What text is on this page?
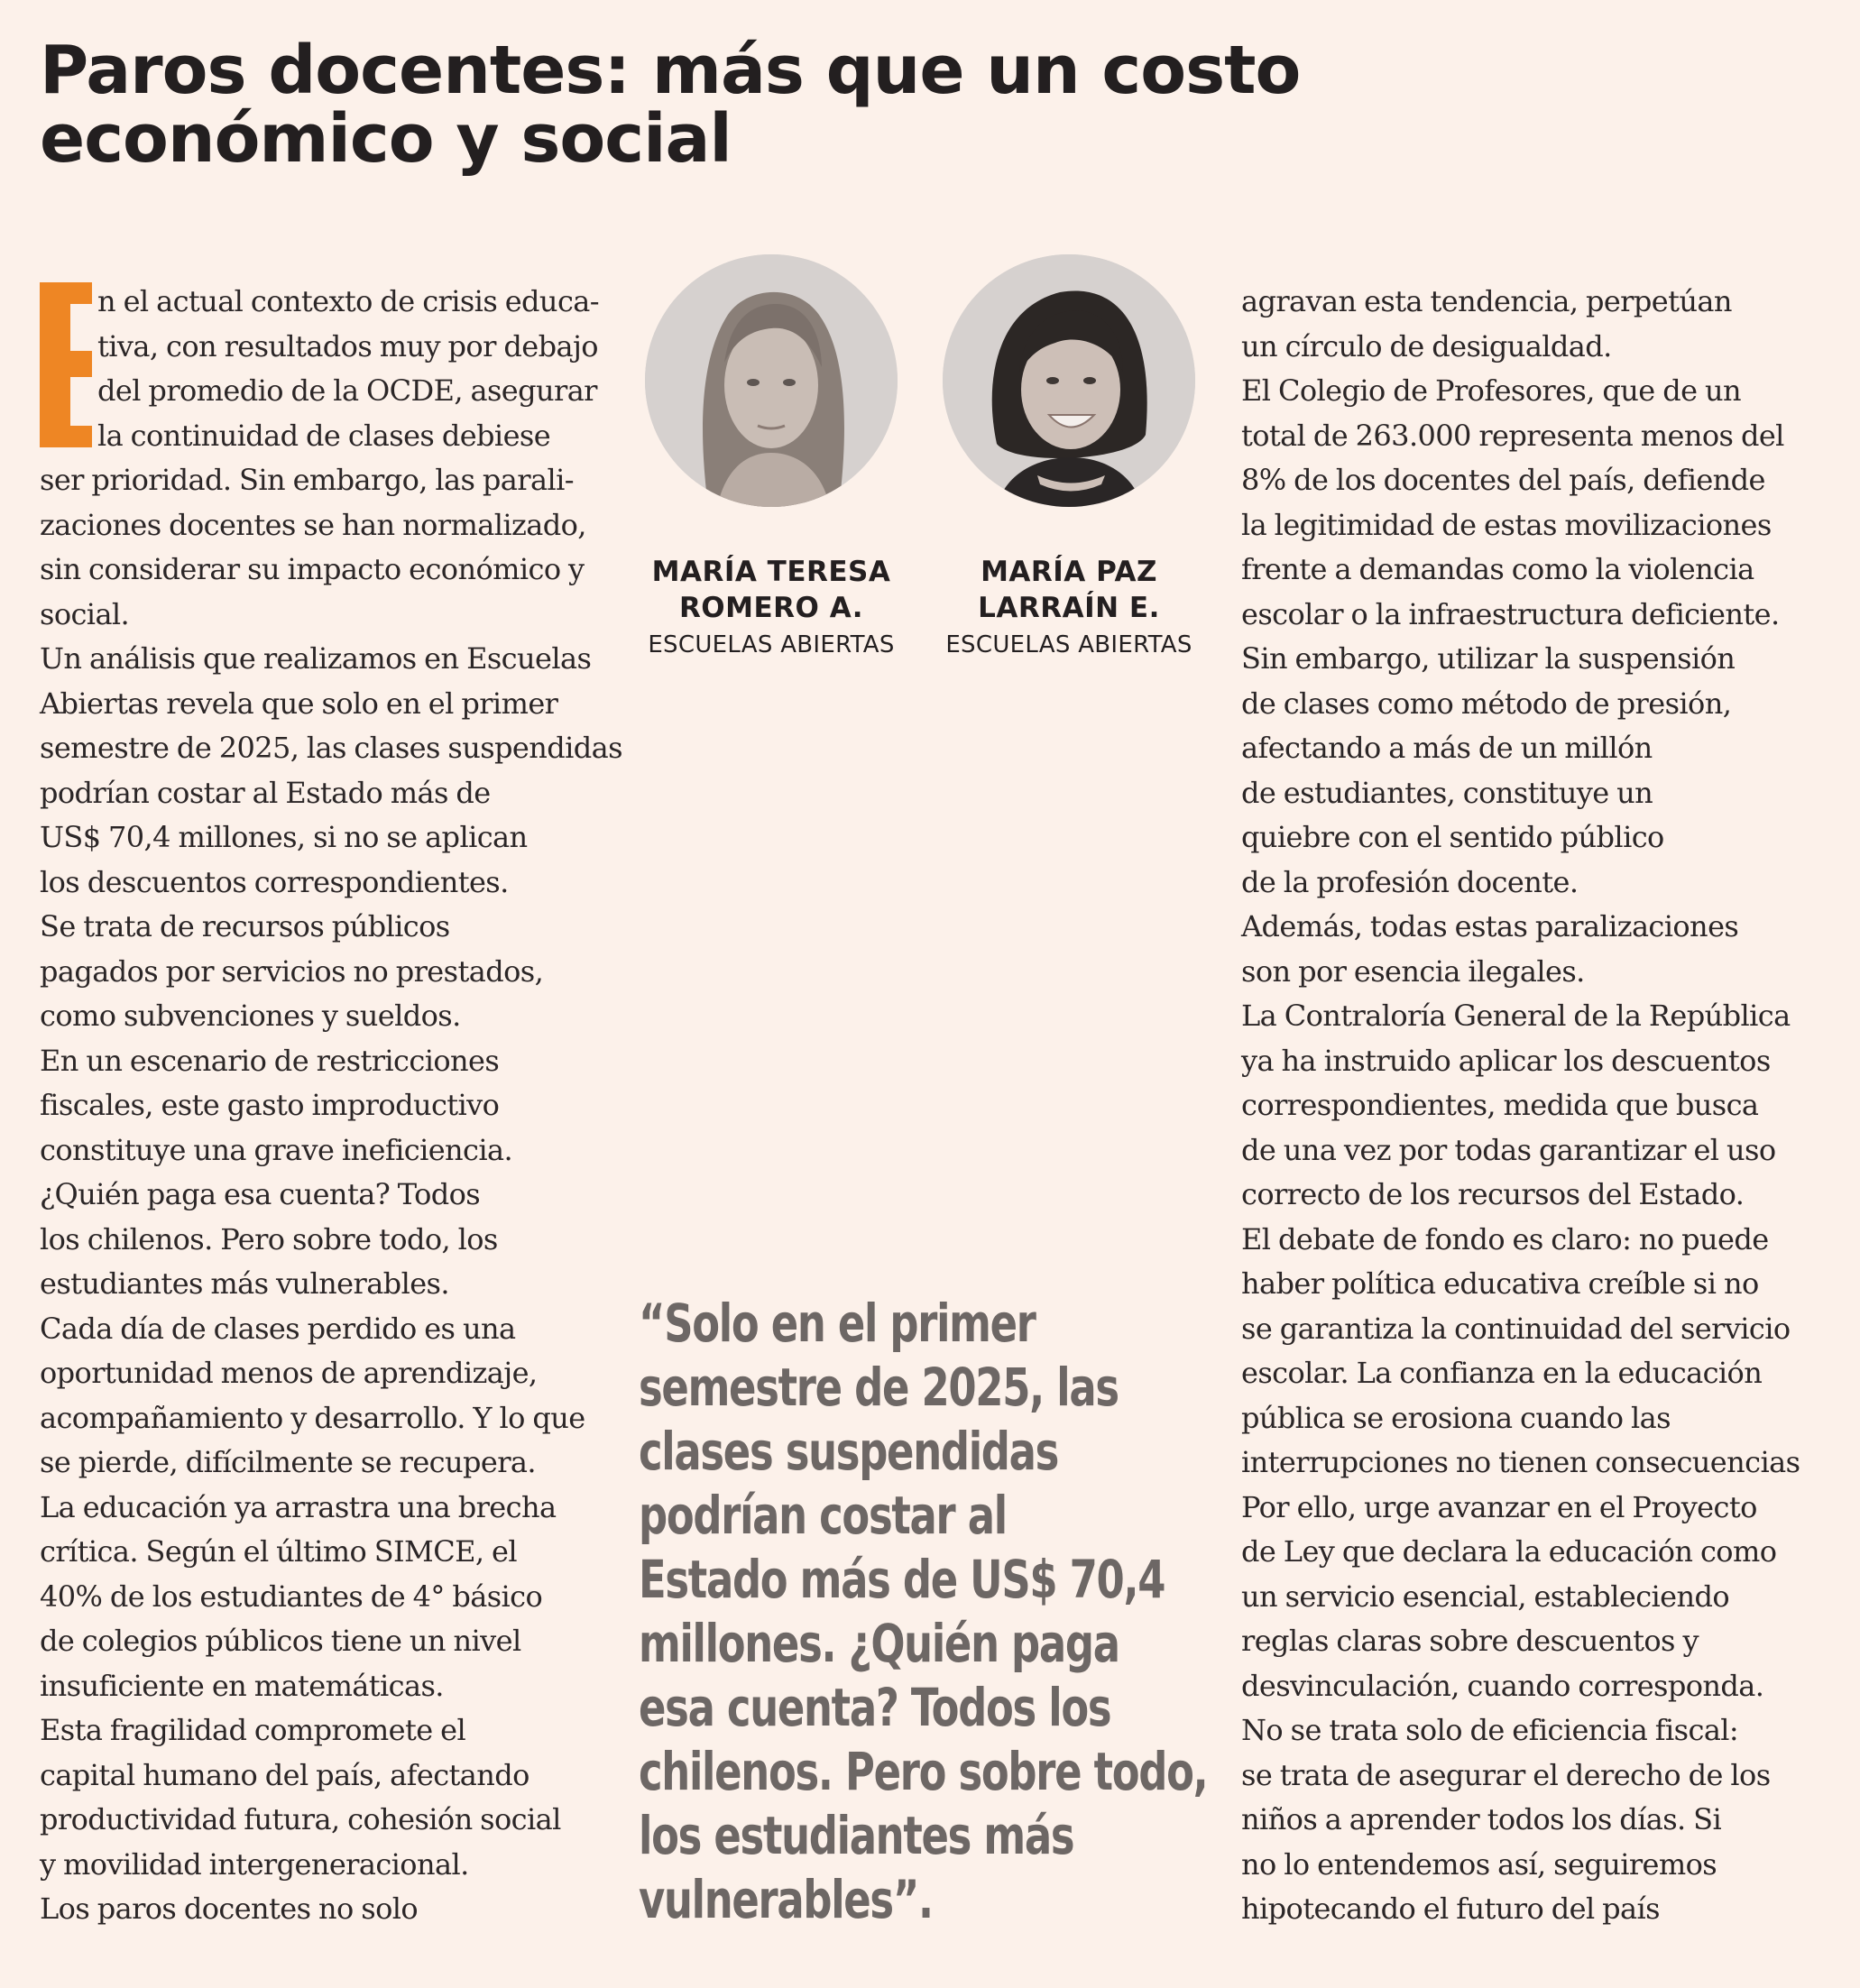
Paros docentes: más que un costo
económico y social
n el actual contexto de crisis educa-
tiva, con resultados muy por debajo
del promedio de la OCDE, asegurar
la continuidad de clases debiese
ser prioridad. Sin embargo, las parali-
zaciones docentes se han normalizado,
sin considerar su impacto económico y
social.
Un análisis que realizamos en Escuelas
Abiertas revela que solo en el primer
semestre de 2025, las clases suspendidas
podrían costar al Estado más de
US$ 70,4 millones, si no se aplican
los descuentos correspondientes.
Se trata de recursos públicos
pagados por servicios no prestados,
como subvenciones y sueldos.
En un escenario de restricciones
fiscales, este gasto improductivo
constituye una grave ineficiencia.
¿Quién paga esa cuenta? Todos
los chilenos. Pero sobre todo, los
estudiantes más vulnerables.
Cada día de clases perdido es una
oportunidad menos de aprendizaje,
acompañamiento y desarrollo. Y lo que
se pierde, difícilmente se recupera.
La educación ya arrastra una brecha
crítica. Según el último SIMCE, el
40% de los estudiantes de 4° básico
de colegios públicos tiene un nivel
insuficiente en matemáticas.
Esta fragilidad compromete el
capital humano del país, afectando
productividad futura, cohesión social
y movilidad intergeneracional.
Los paros docentes no solo
MARÍA TERESA
ROMERO A.
ESCUELAS ABIERTAS
MARÍA PAZ
LARRAÍN E.
ESCUELAS ABIERTAS
“Solo en el primer
semestre de 2025, las
clases suspendidas
podrían costar al
Estado más de US$ 70,4
millones. ¿Quién paga
esa cuenta? Todos los
chilenos. Pero sobre todo,
los estudiantes más
vulnerables”.
agravan esta tendencia, perpetúan
un círculo de desigualdad.
El Colegio de Profesores, que de un
total de 263.000 representa menos del
8% de los docentes del país, defiende
la legitimidad de estas movilizaciones
frente a demandas como la violencia
escolar o la infraestructura deficiente.
Sin embargo, utilizar la suspensión
de clases como método de presión,
afectando a más de un millón
de estudiantes, constituye un
quiebre con el sentido público
de la profesión docente.
Además, todas estas paralizaciones
son por esencia ilegales.
La Contraloría General de la República
ya ha instruido aplicar los descuentos
correspondientes, medida que busca
de una vez por todas garantizar el uso
correcto de los recursos del Estado.
El debate de fondo es claro: no puede
haber política educativa creíble si no
se garantiza la continuidad del servicio
escolar. La confianza en la educación
pública se erosiona cuando las
interrupciones no tienen consecuencias
Por ello, urge avanzar en el Proyecto
de Ley que declara la educación como
un servicio esencial, estableciendo
reglas claras sobre descuentos y
desvinculación, cuando corresponda.
No se trata solo de eficiencia fiscal:
se trata de asegurar el derecho de los
niños a aprender todos los días. Si
no lo entendemos así, seguiremos
hipotecando el futuro del país
